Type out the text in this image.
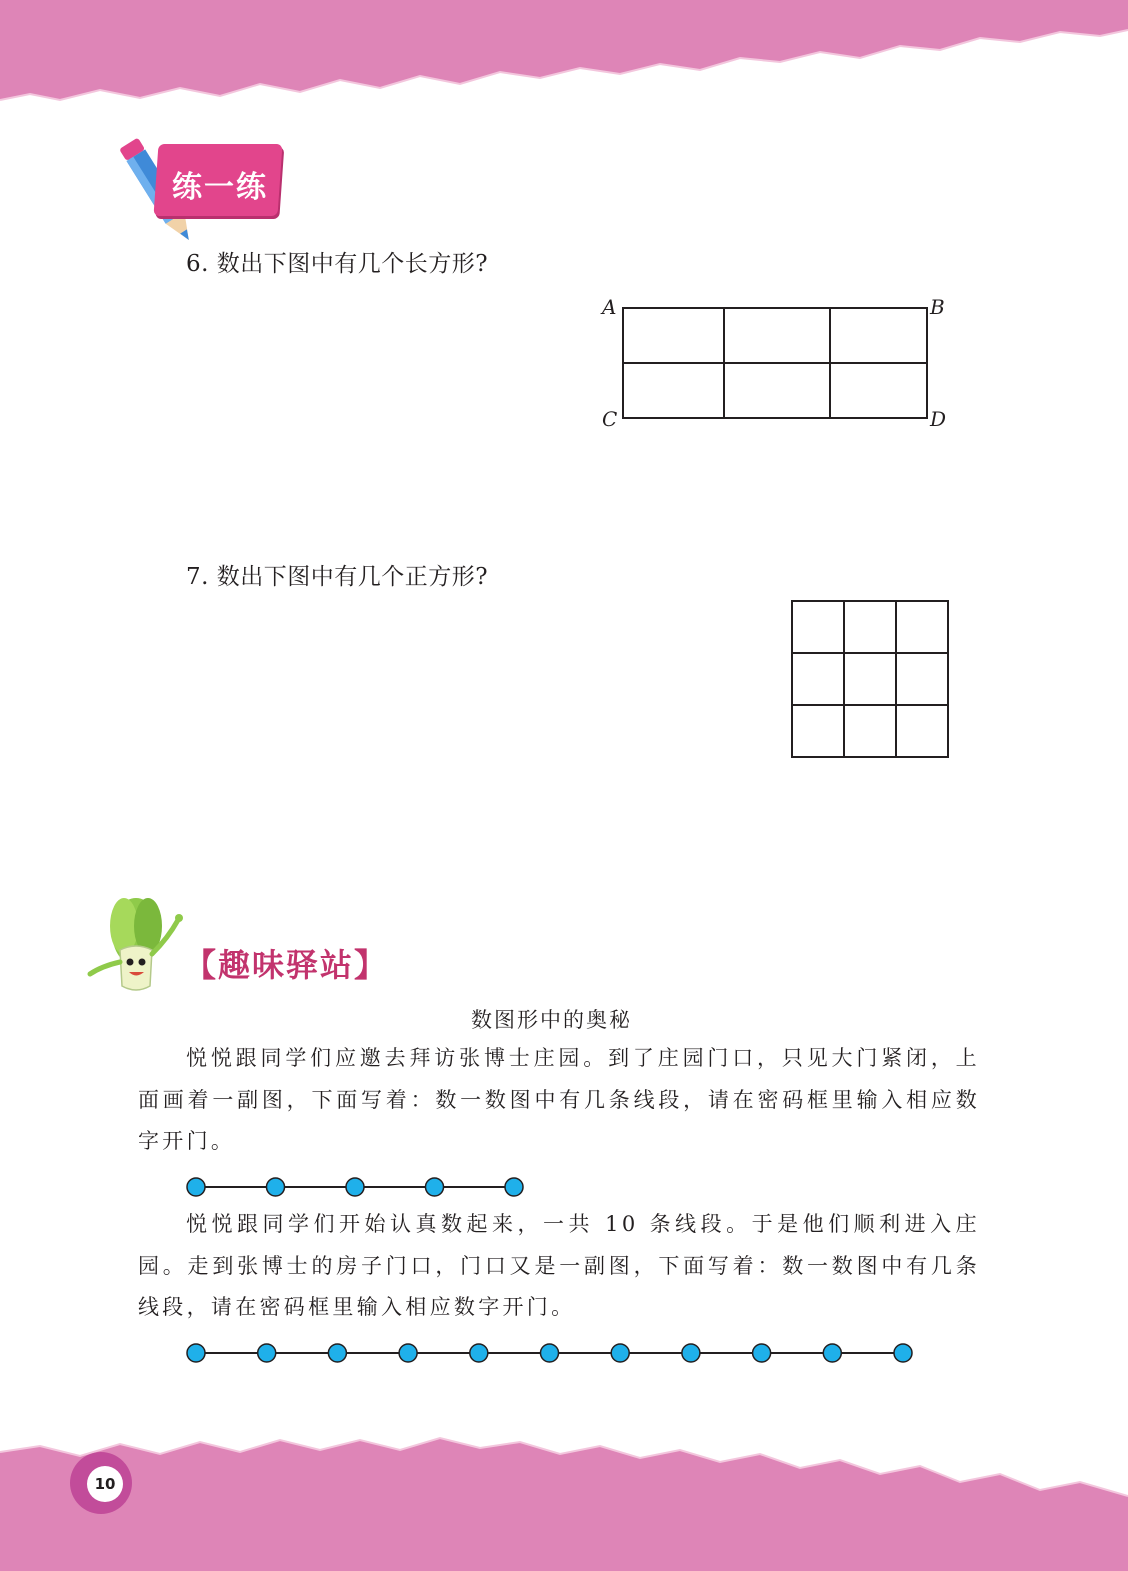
练一练
6. 数出下图中有几个长方形?
A	B
C	D
7. 数出下图中有几个正方形?
【趣味驿站】
数图形中的奥秘
悦悦跟同学们应邀去拜访张博士庄园。到了庄园门口，只见大门紧闭，上面画着一副图，下面写着：数一数图中有几条线段，请在密码框里输入相应数字开门。
悦悦跟同学们开始认真数起来，一共 10 条线段。于是他们顺利进入庄园。走到张博士的房子门口，门口又是一副图，下面写着：数一数图中有几条线段，请在密码框里输入相应数字开门。
10
